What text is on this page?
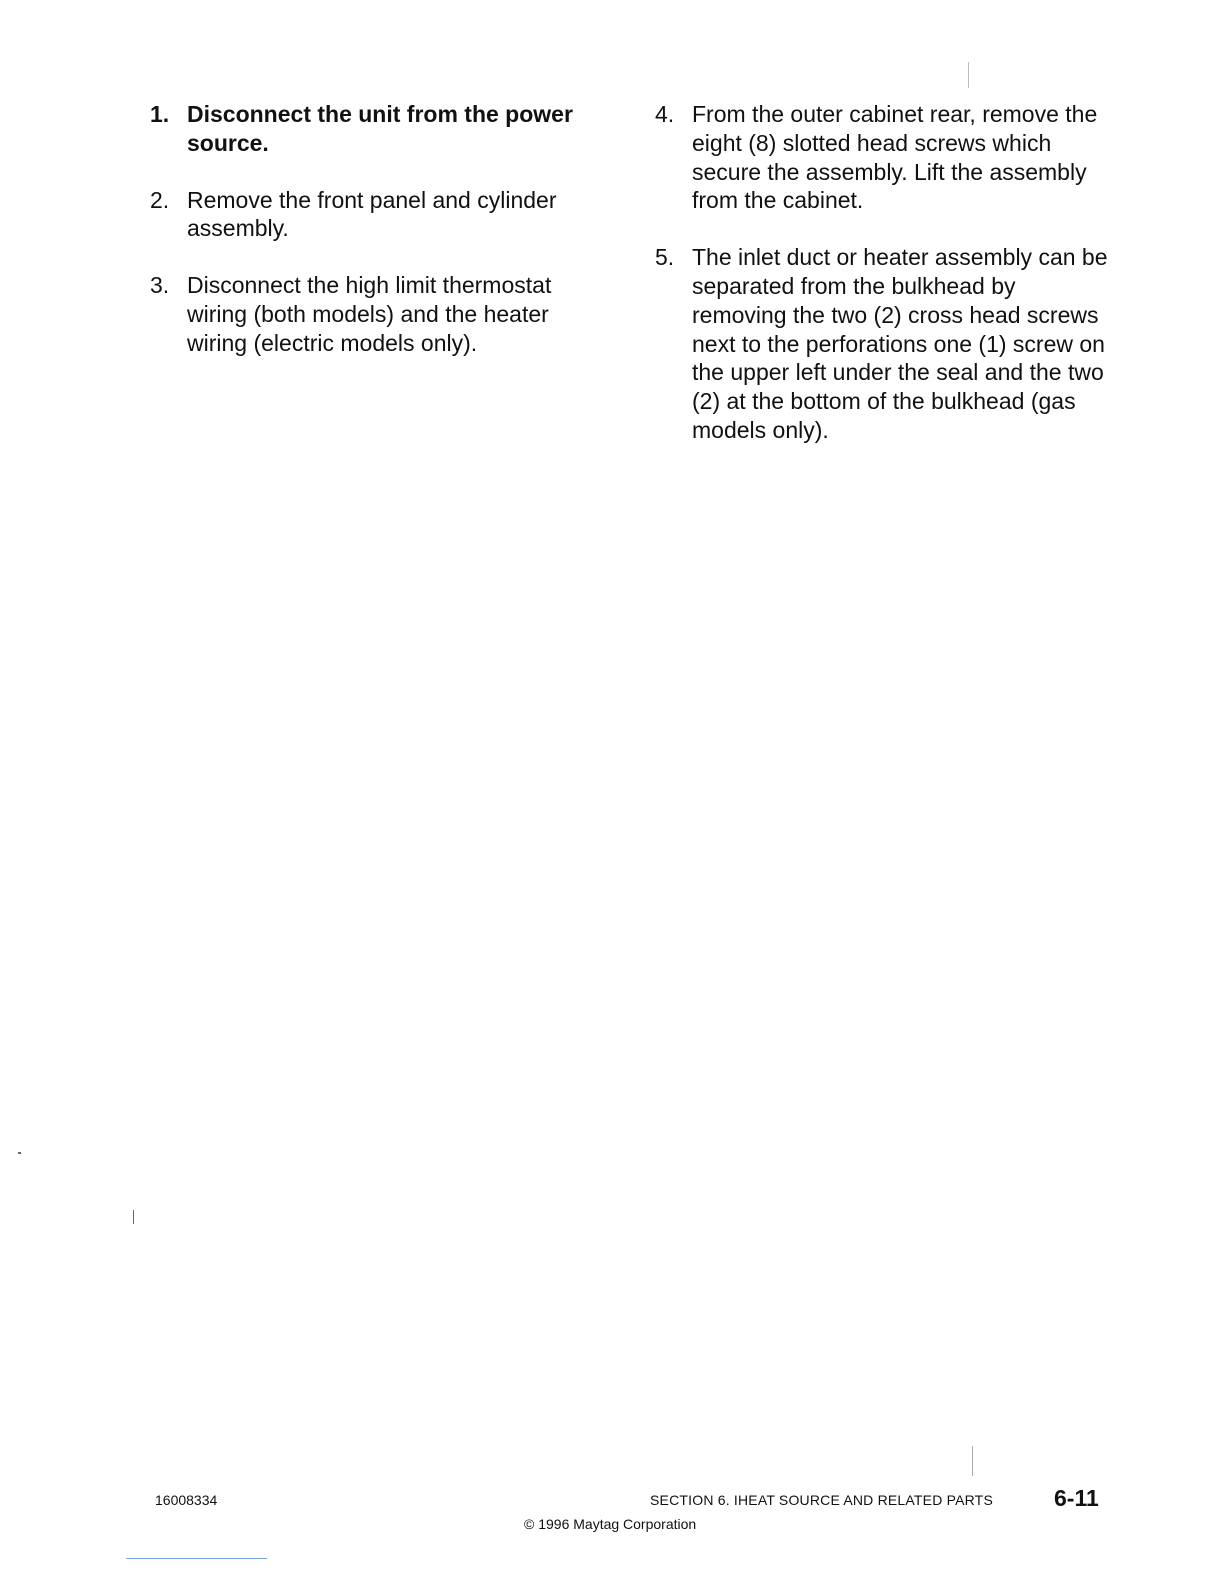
1. Disconnect the unit from the power source.
2. Remove the front panel and cylinder assembly.
3. Disconnect the high limit thermostat wiring (both models) and the heater wiring (electric models only).
4. From the outer cabinet rear, remove the eight (8) slotted head screws which secure the assembly. Lift the assembly from the cabinet.
5. The inlet duct or heater assembly can be separated from the bulkhead by removing the two (2) cross head screws next to the perforations one (1) screw on the upper left under the seal and the two (2) at the bottom of the bulkhead (gas models only).
16008334	SECTION 6. IHEAT SOURCE AND RELATED PARTS	6-11
© 1996 Maytag Corporation
